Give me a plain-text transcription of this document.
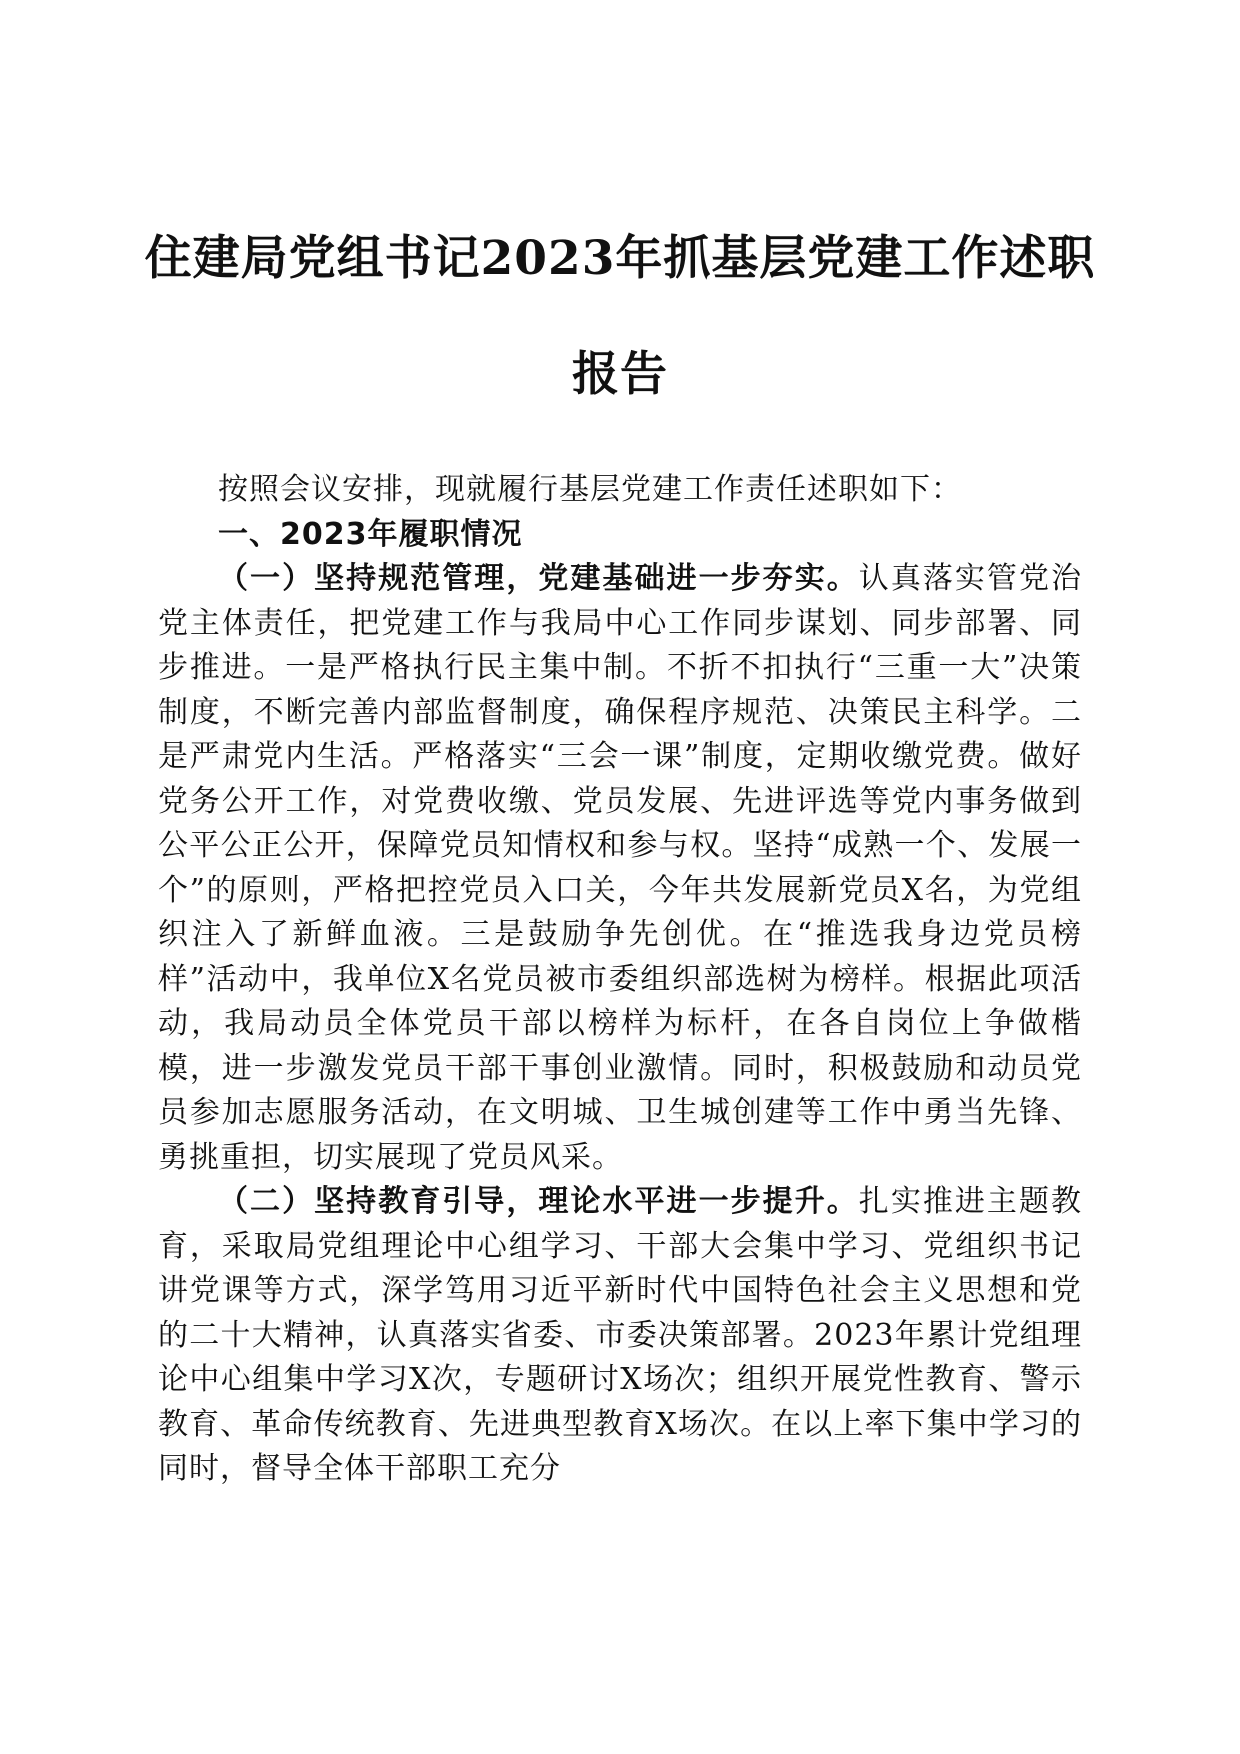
住建局党组书记2023年抓基层党建工作述职
报告

按照会议安排，现就履行基层党建工作责任述职如下：

一、2023年履职情况

（一）坚持规范管理，党建基础进一步夯实。认真落实管党治党主体责任，把党建工作与我局中心工作同步谋划、同步部署、同步推进。一是严格执行民主集中制。不折不扣执行“三重一大”决策制度，不断完善内部监督制度，确保程序规范、决策民主科学。二是严肃党内生活。严格落实“三会一课”制度，定期收缴党费。做好党务公开工作，对党费收缴、党员发展、先进评选等党内事务做到公平公正公开，保障党员知情权和参与权。坚持“成熟一个、发展一个”的原则，严格把控党员入口关，今年共发展新党员X名，为党组织注入了新鲜血液。三是鼓励争先创优。在“推选我身边党员榜样”活动中，我单位X名党员被市委组织部选树为榜样。根据此项活动，我局动员全体党员干部以榜样为标杆，在各自岗位上争做楷模，进一步激发党员干部干事创业激情。同时，积极鼓励和动员党员参加志愿服务活动，在文明城、卫生城创建等工作中勇当先锋、勇挑重担，切实展现了党员风采。

（二）坚持教育引导，理论水平进一步提升。扎实推进主题教育，采取局党组理论中心组学习、干部大会集中学习、党组织书记讲党课等方式，深学笃用习近平新时代中国特色社会主义思想和党的二十大精神，认真落实省委、市委决策部署。2023年累计党组理论中心组集中学习X次，专题研讨X场次；组织开展党性教育、警示教育、革命传统教育、先进典型教育X场次。在以上率下集中学习的同时，督导全体干部职工充分
